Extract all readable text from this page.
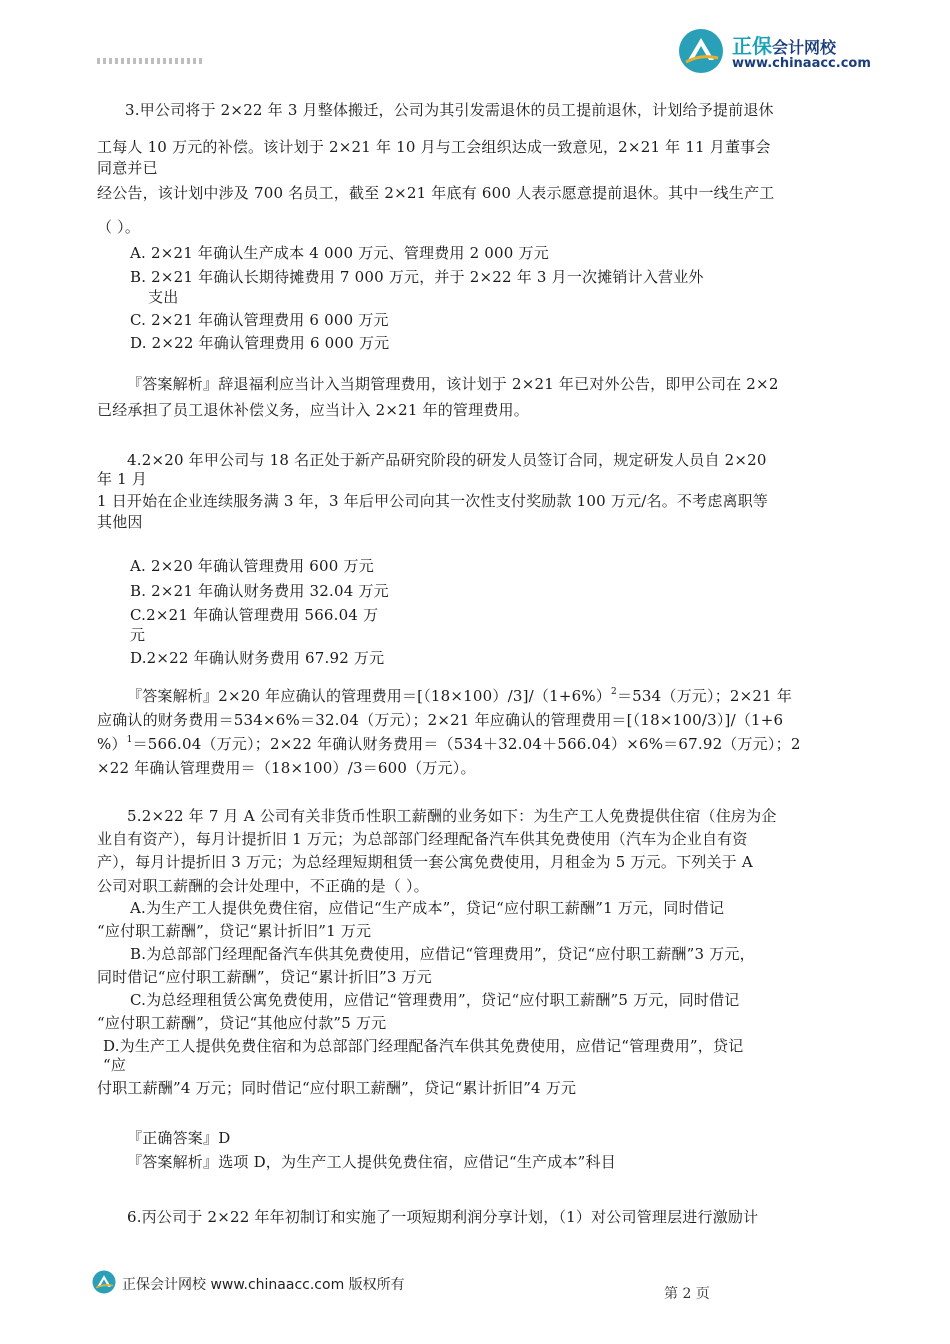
正保会计网校
www.chinaacc.com
3.甲公司将于 2×22 年 3 月整体搬迁，公司为其引发需退休的员工提前退休，计划给予提前退休
工每人 10 万元的补偿。该计划于 2×21 年 10 月与工会组织达成一致意见，2×21 年 11 月董事会
同意并已
经公告，该计划中涉及 700 名员工，截至 2×21 年底有 600 人表示愿意提前退休。其中一线生产工
（ ）。
A. 2×21 年确认生产成本 4 000 万元、管理费用 2 000 万元
B. 2×21 年确认长期待摊费用 7 000 万元，并于 2×22 年 3 月一次摊销计入营业外
支出
C. 2×21 年确认管理费用 6 000 万元
D. 2×22 年确认管理费用 6 000 万元
『答案解析』辞退福利应当计入当期管理费用，该计划于 2×21 年已对外公告，即甲公司在 2×2
已经承担了员工退休补偿义务，应当计入 2×21 年的管理费用。
4.2×20 年甲公司与 18 名正处于新产品研究阶段的研发人员签订合同，规定研发人员自 2×20
年 1 月
1 日开始在企业连续服务满 3 年，3 年后甲公司向其一次性支付奖励款 100 万元/名。不考虑离职等
其他因
A. 2×20 年确认管理费用 600 万元
B. 2×21 年确认财务费用 32.04 万元
C.2×21 年确认管理费用 566.04 万
元
D.2×22 年确认财务费用 67.92 万元
『答案解析』2×20 年应确认的管理费用$=[(18\times 100)/3]/(1+6\%)^2=534$（万元）；2×21 年
应确认的财务费用＝534×6%＝32.04（万元）；2×21 年应确认的管理费用＝[（18×100/3）]/（1+6
%）$^1$＝566.04（万元）；2×22 年确认财务费用＝（534＋32.04＋566.04）×6%＝67.92（万元）；2
×22 年确认管理费用＝（18×100）/3＝600（万元）。
5.2×22 年 7 月 A 公司有关非货币性职工薪酬的业务如下：为生产工人免费提供住宿（住房为企
业自有资产），每月计提折旧 1 万元；为总部部门经理配备汽车供其免费使用（汽车为企业自有资
产），每月计提折旧 3 万元；为总经理短期租赁一套公寓免费使用，月租金为 5 万元。下列关于 A
公司对职工薪酬的会计处理中，不正确的是（ ）。
A.为生产工人提供免费住宿，应借记“生产成本”，贷记“应付职工薪酬”1 万元，同时借记
“应付职工薪酬”，贷记“累计折旧”1 万元
B.为总部部门经理配备汽车供其免费使用，应借记“管理费用”，贷记“应付职工薪酬”3 万元，
同时借记“应付职工薪酬”，贷记“累计折旧”3 万元
C.为总经理租赁公寓免费使用，应借记“管理费用”，贷记“应付职工薪酬”5 万元，同时借记
“应付职工薪酬”，贷记“其他应付款”5 万元
D.为生产工人提供免费住宿和为总部部门经理配备汽车供其免费使用，应借记“管理费用”，贷记
“应
付职工薪酬”4 万元；同时借记“应付职工薪酬”，贷记“累计折旧”4 万元
『正确答案』D
『答案解析』选项 D，为生产工人提供免费住宿，应借记“生产成本”科目
6.丙公司于 2×22 年年初制订和实施了一项短期利润分享计划，（1）对公司管理层进行激励计
正保会计网校 www.chinaacc.com 版权所有
第 2 页
